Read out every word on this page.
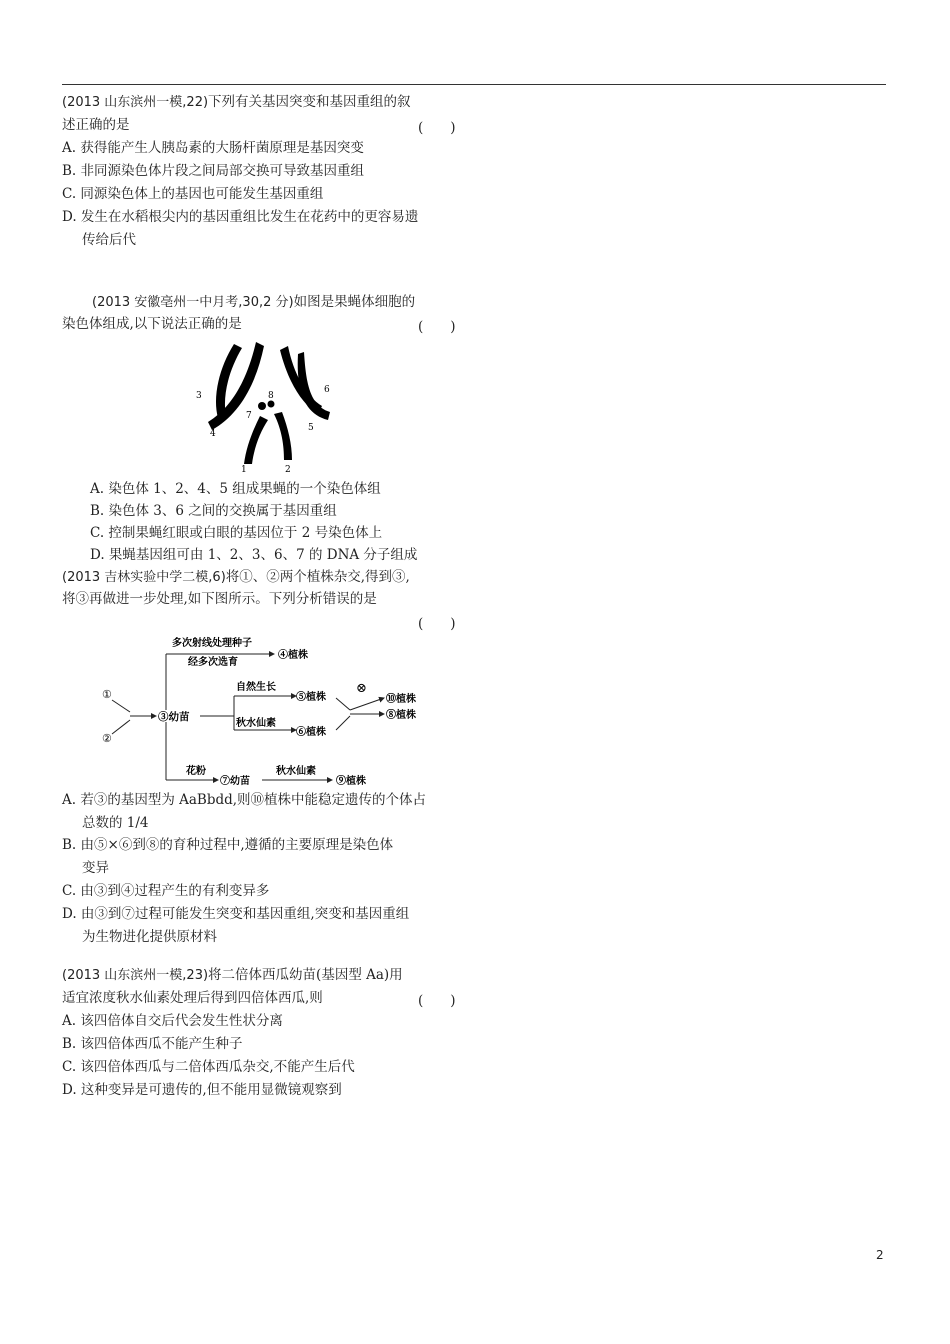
(2013 山东滨州一模,22)下列有关基因突变和基因重组的叙
述正确的是	(　　)
A. 获得能产生人胰岛素的大肠杆菌原理是基因突变
B. 非同源染色体片段之间局部交换可导致基因重组
C. 同源染色体上的基因也可能发生基因重组
D. 发生在水稻根尖内的基因重组比发生在花药中的更容易遗
传给后代
(2013 安徽亳州一中月考,30,2 分)如图是果蝇体细胞的
染色体组成,以下说法正确的是	(　　)
3
4
7
8
6
5
1	2
A. 染色体 1、2、4、5 组成果蝇的一个染色体组
B. 染色体 3、6 之间的交换属于基因重组
C. 控制果蝇红眼或白眼的基因位于 2 号染色体上
D. 果蝇基因组可由 1、2、3、6、7 的 DNA 分子组成
(2013 吉林实验中学二模,6)将①、②两个植株杂交,得到③,
将③再做进一步处理,如下图所示。下列分析错误的是
(　　)
①
②
③幼苗
多次射线处理种子
经多次选育
④植株
自然生长
秋水仙素
⑤植株
⑥植株
⊗
⑩植株
⑧植株
花粉
⑦幼苗
秋水仙素
⑨植株
A. 若③的基因型为 AaBbdd,则⑩植株中能稳定遗传的个体占
总数的 1/4
B. 由⑤×⑥到⑧的育种过程中,遵循的主要原理是染色体
变异
C. 由③到④过程产生的有利变异多
D. 由③到⑦过程可能发生突变和基因重组,突变和基因重组
为生物进化提供原材料
(2013 山东滨州一模,23)将二倍体西瓜幼苗(基因型 Aa)用
适宜浓度秋水仙素处理后得到四倍体西瓜,则	(　　)
A. 该四倍体自交后代会发生性状分离
B. 该四倍体西瓜不能产生种子
C. 该四倍体西瓜与二倍体西瓜杂交,不能产生后代
D. 这种变异是可遗传的,但不能用显微镜观察到
2
